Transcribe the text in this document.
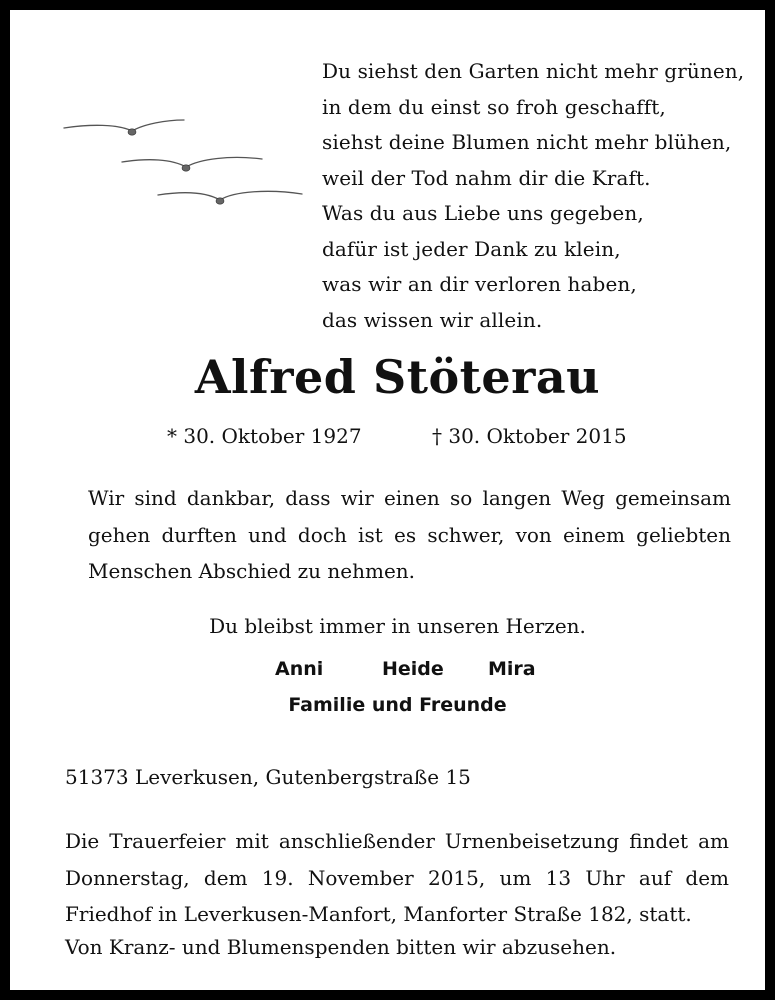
Du siehst den Garten nicht mehr grünen,
in dem du einst so froh geschafft,
siehst deine Blumen nicht mehr blühen,
weil der Tod nahm dir die Kraft.
Was du aus Liebe uns gegeben,
dafür ist jeder Dank zu klein,
was wir an dir verloren haben,
das wissen wir allein.
Alfred Stöterau
* 30. Oktober 1927	† 30. Oktober 2015
Wir sind dankbar, dass wir einen so langen Weg gemeinsam gehen durften und doch ist es schwer, von einem geliebten Menschen Abschied zu nehmen.
Du bleibst immer in unseren Herzen.
Anni	Heide Mira
Familie und Freunde
51373 Leverkusen, Gutenbergstraße 15
Die Trauerfeier mit anschließender Urnenbeisetzung findet am Donnerstag, dem 19. November 2015, um 13 Uhr auf dem Friedhof in Leverkusen-Manfort, Manforter Straße 182, statt.
Von Kranz- und Blumenspenden bitten wir abzusehen.
